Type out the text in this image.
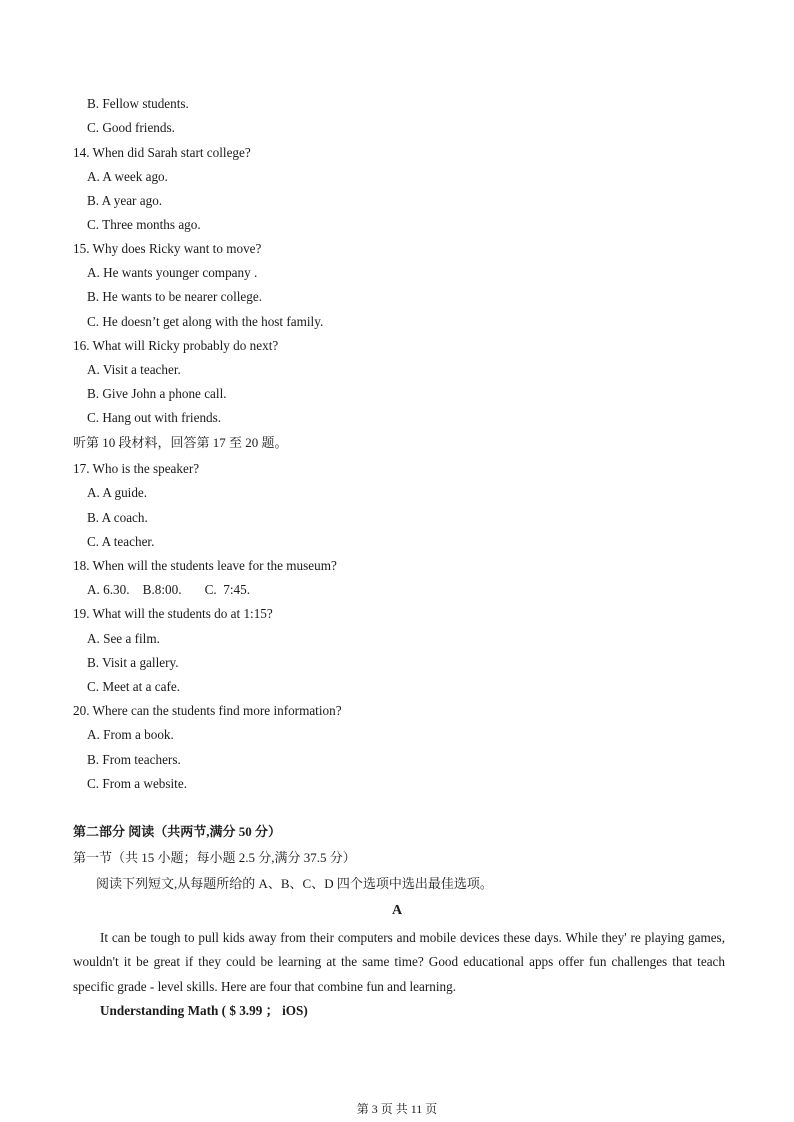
B. Fellow students.
C. Good friends.
14. When did Sarah start college?
A. A week ago.
B. A year ago.
C. Three months ago.
15. Why does Ricky want to move?
A. He wants younger company .
B. He wants to be nearer college.
C. He doesn’t get along with the host family.
16. What will Ricky probably do next?
A. Visit a teacher.
B. Give John a phone call.
C. Hang out with friends.
听第 10 段材料，回答第 17 至 20 题。
17. Who is the speaker?
A. A guide.
B. A coach.
C. A teacher.
18. When will the students leave for the museum?
A. 6.30.    B.8:00.       C.  7:45.
19. What will the students do at 1:15?
A. See a film.
B. Visit a gallery.
C. Meet at a cafe.
20. Where can the students find more information?
A. From a book.
B. From teachers.
C. From a website.
第二部分 阅读（共两节,满分 50 分）
第一节（共 15 小题；每小题 2.5 分,满分 37.5 分）
阅读下列短文,从每题所给的 A、B、C、D 四个选项中选出最佳选项。
A
It can be tough to pull kids away from their computers and mobile devices these days. While they' re playing games, wouldn't it be great if they could be learning at the same time? Good educational apps offer fun challenges that teach specific grade - level skills. Here are four that combine fun and learning.
Understanding Math ( $ 3.99 ； iOS)
第 3 页 共 11 页
